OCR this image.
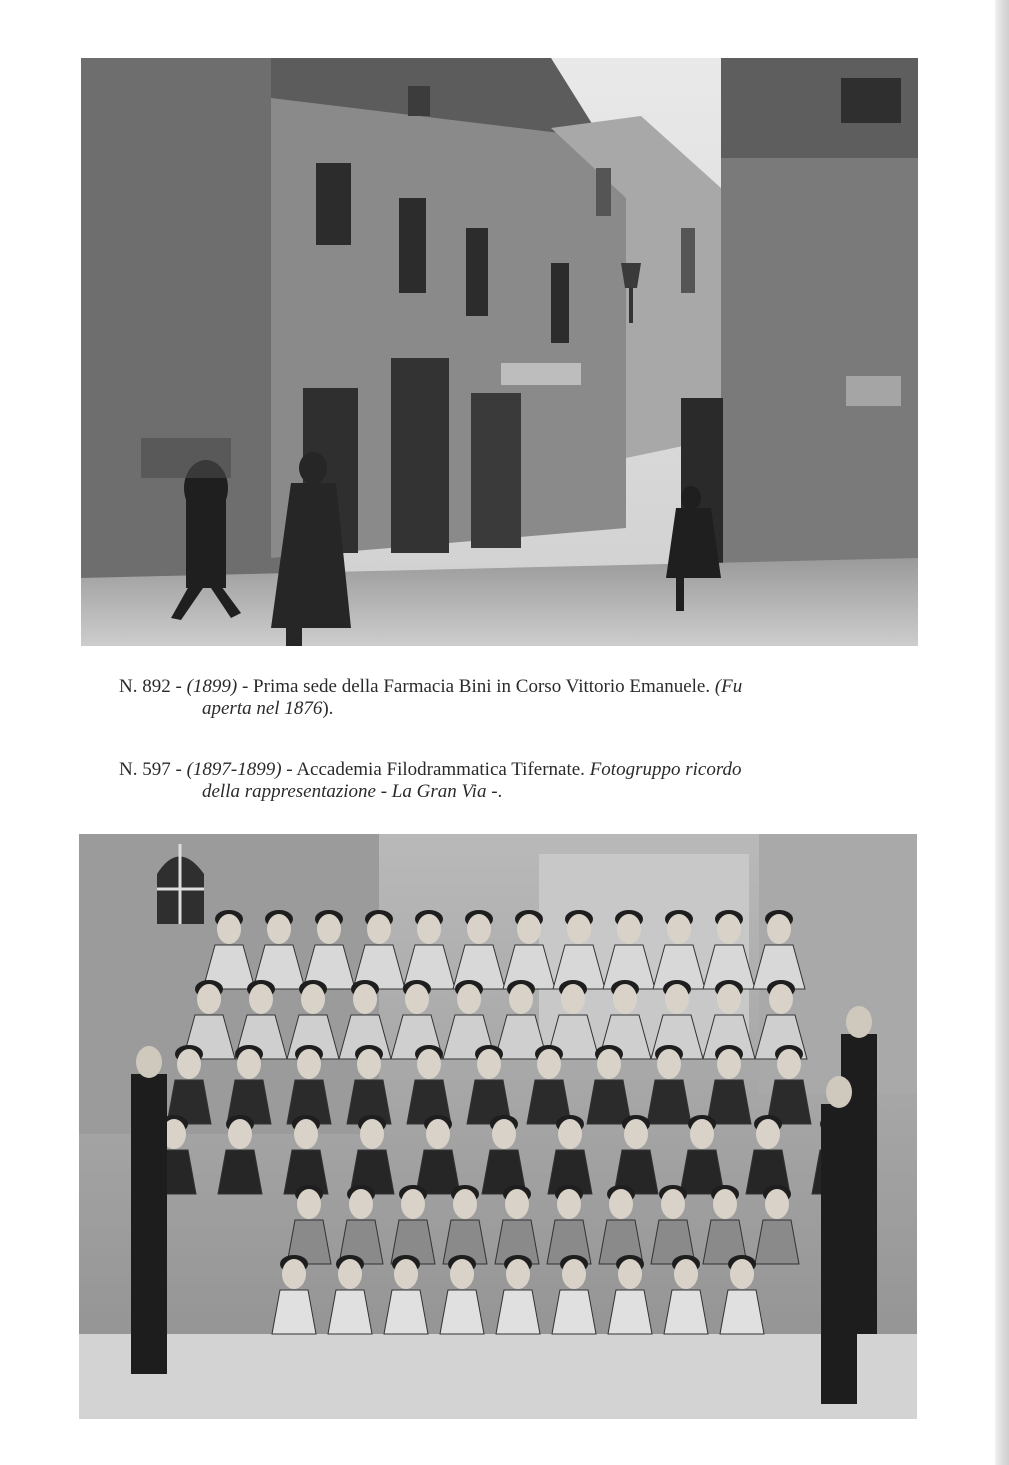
N. 892 - (1899) - Prima sede della Farmacia Bini in Corso Vittorio Emanuele. (Fu
aperta nel 1876).
N. 597 - (1897-1899) - Accademia Filodrammatica Tifernate. Fotogruppo ricordo
della rappresentazione - La Gran Via -.
